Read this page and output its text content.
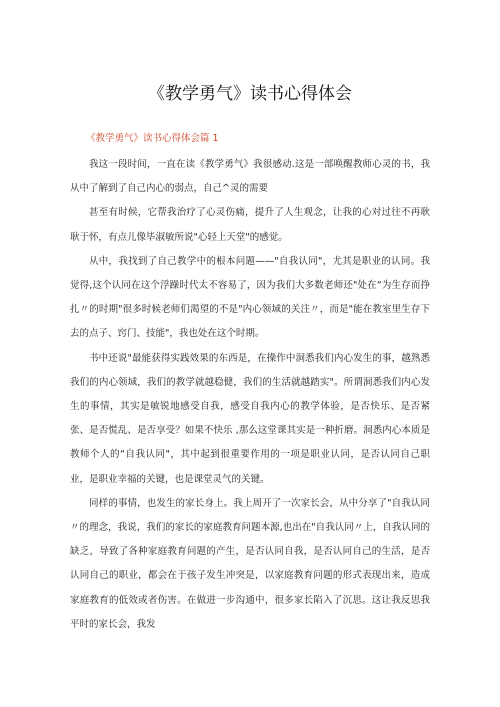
《教学勇气》读书心得体会
《教学勇气》读书心得体会篇 1

我这一段时间，一直在读《教学勇气》我很感动.这是一部唤醒教师心灵的书，我从中了解到了自己内心的弱点，自己^灵的需要

甚至有时候，它帮我治疗了心灵伤痛，提升了人生观念，让我的心对过往不再耿耿于怀，有点儿像毕淑敏所说"心轻上天堂"的感觉。

从中，我找到了自己教学中的根本问题——"自我认同"，尤其是职业的认同。我觉得,这个认同在这个浮躁时代太不容易了，因为我们大多数老师还"处在“为生存而挣扎〃的时期"很多时候老师们渴望的不是"内心领域的关注〃，而是"能在教室里生存下去的点子、窍门、技能"，我也处在这个时期。

书中还说"最能获得实践效果的东西是，在操作中洞悉我们内心发生的事，越熟悉我们的内心领域，我们的教学就越稳健，我们的生活就越踏实"。所谓洞悉我们内心发生的事情，其实是敏锐地感受自我，感受自我内心的教学体验，是否快乐、是否紧张、是否慌乱、是否享受？如果不快乐 ,那么这堂课其实是一种折磨。洞悉内心本质是教师个人的“自我认同"，其中起到很重要作用的一项是职业认同，是否认同自己职业，是职业幸福的关键，也是课堂灵气的关键。

同样的事情，也发生的家长身上。我上周开了一次家长会，从中分享了"自我认同〃的理念，我说，我们的家长的家庭教育问题本源,也出在"自我认同〃上，自我认同的缺乏，导致了各种家庭教育问题的产生，是否认同自我，是否认同自己的生活，是否认同自己的职业，都会在于孩子发生冲突是，以家庭教育问题的形式表现出来，造成家庭教育的低效或者伤害。在做进一步沟通中，很多家长陷入了沉思。这让我反思我平时的家长会，我发
